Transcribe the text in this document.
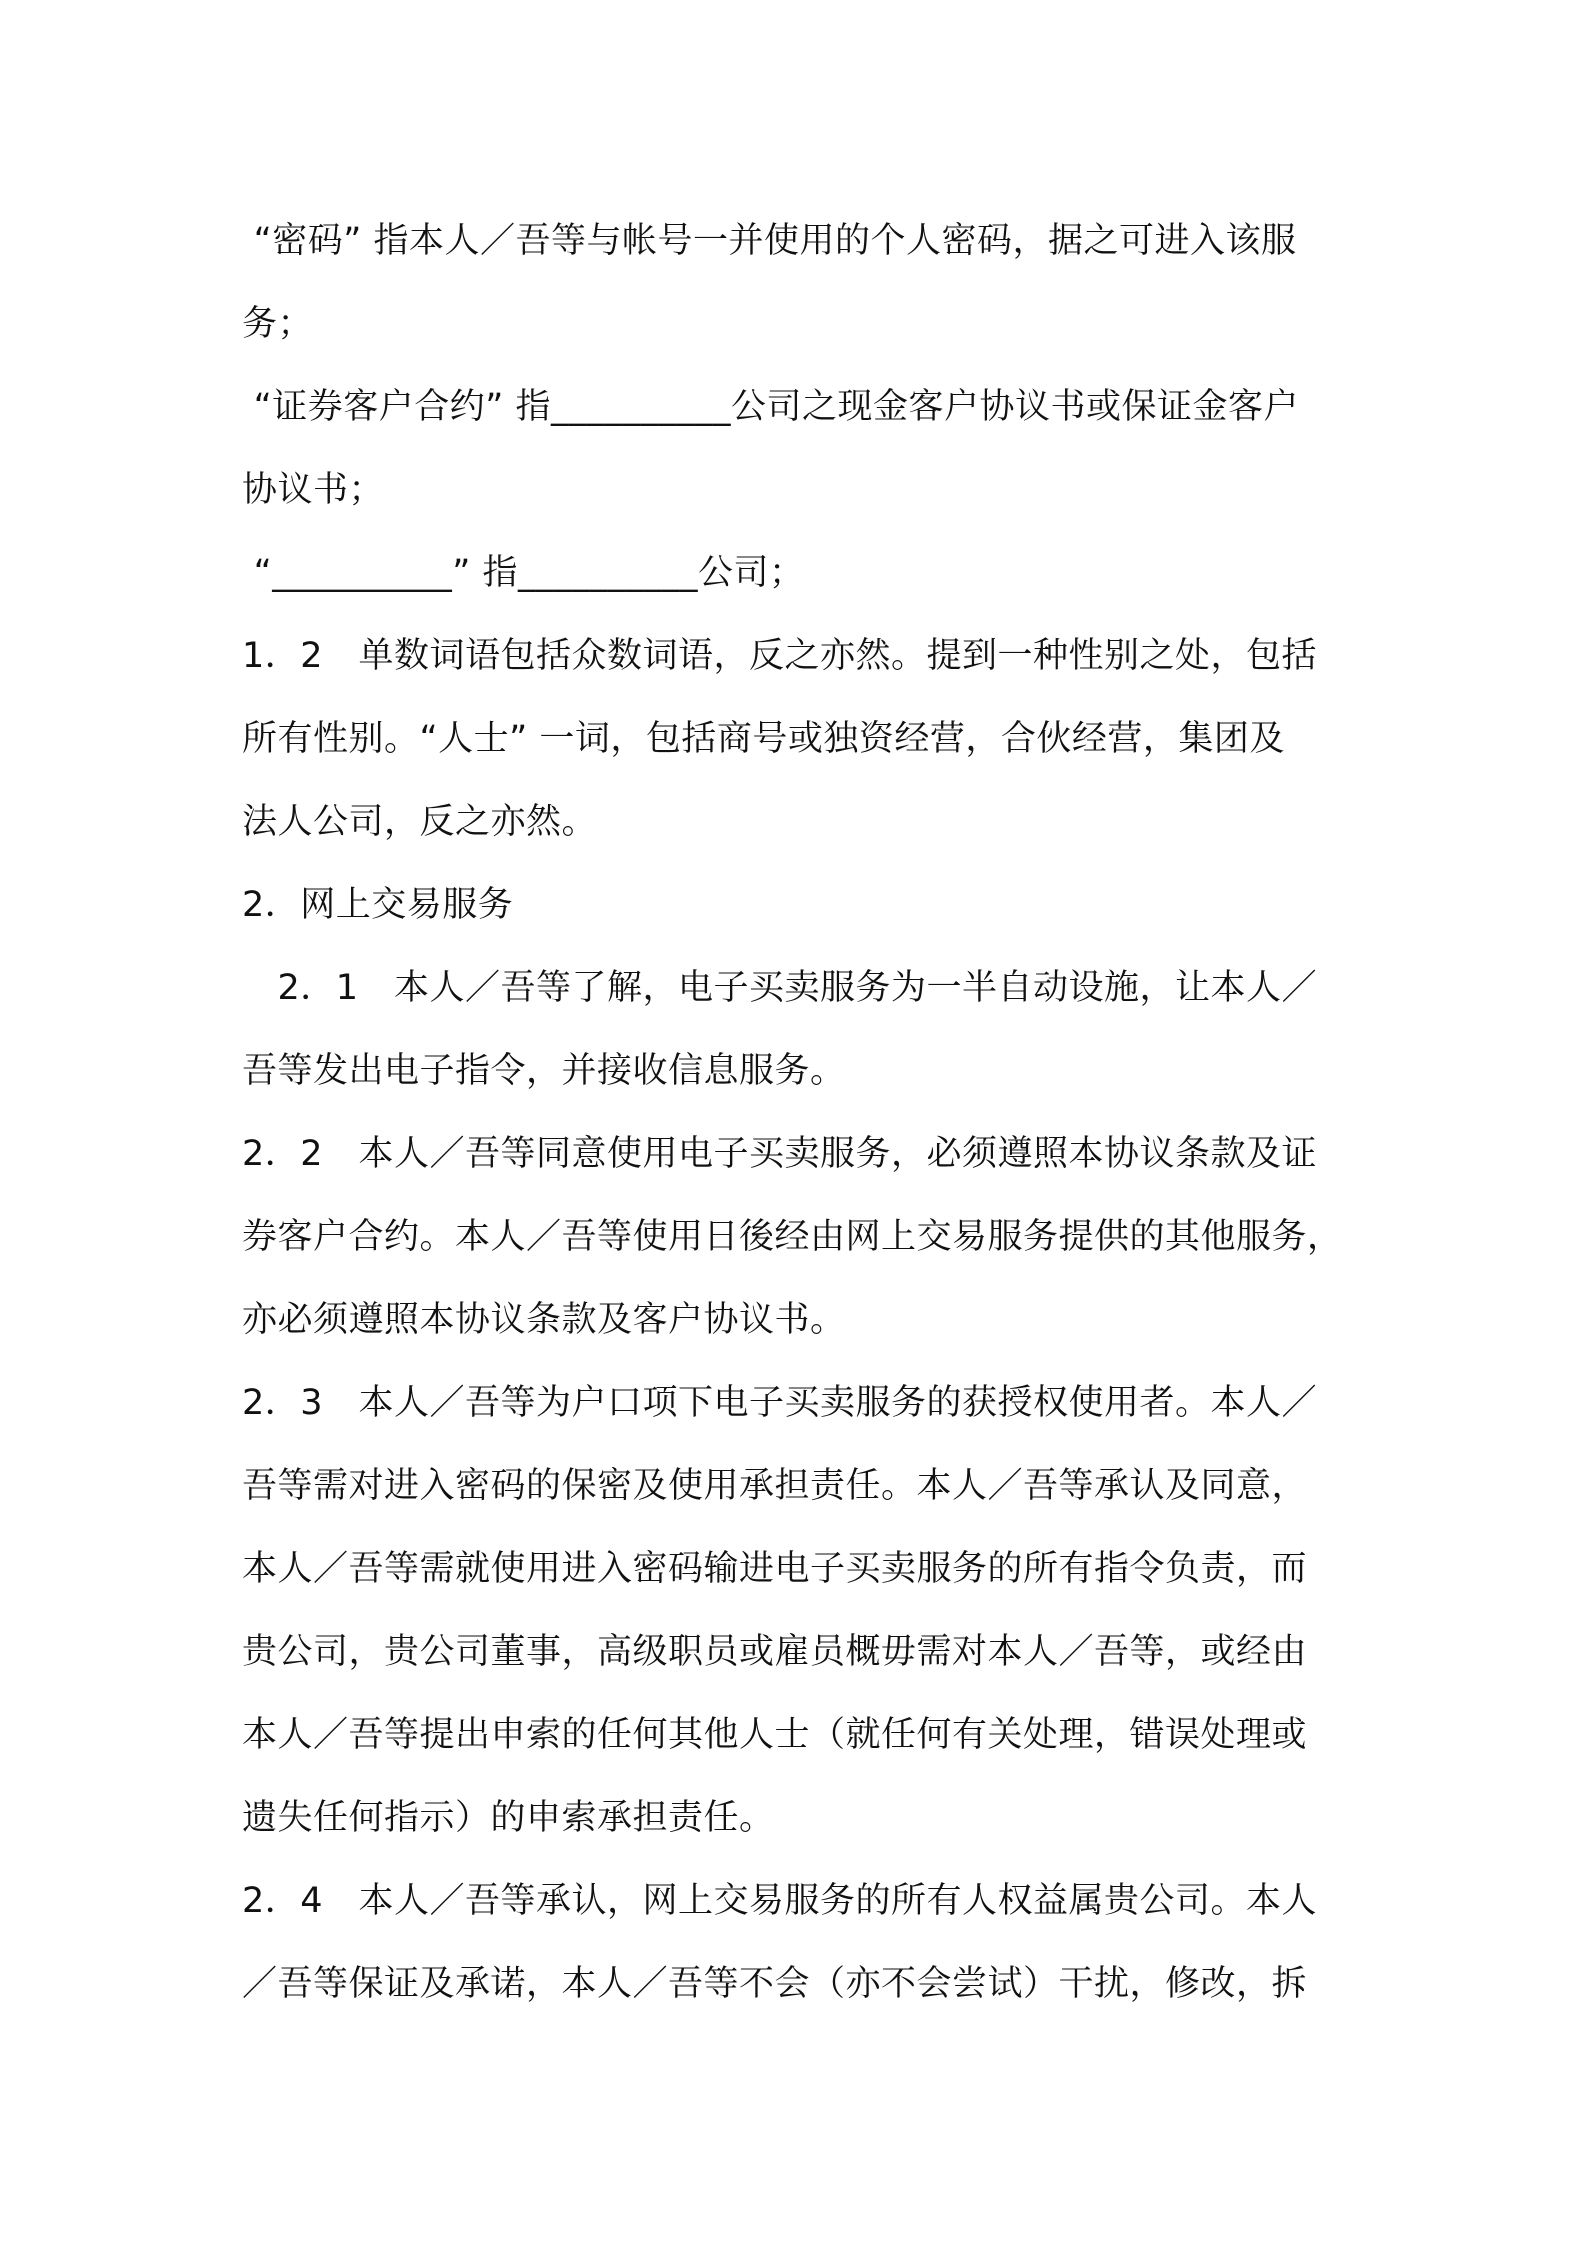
“密码” 指本人／吾等与帐号一并使用的个人密码，据之可进入该服
务；
“证券客户合约” 指__________公司之现金客户协议书或保证金客户
协议书；
“__________” 指__________公司；
1．2　单数词语包括众数词语，反之亦然。提到一种性别之处，包括
所有性别。“人士” 一词，包括商号或独资经营，合伙经营，集团及
法人公司，反之亦然。
2．网上交易服务
　2．1　本人／吾等了解，电子买卖服务为一半自动设施，让本人／
吾等发出电子指令，并接收信息服务。
2．2　本人／吾等同意使用电子买卖服务，必须遵照本协议条款及证
券客户合约。本人／吾等使用日後经由网上交易服务提供的其他服务，
亦必须遵照本协议条款及客户协议书。
2．3　本人／吾等为户口项下电子买卖服务的获授权使用者。本人／
吾等需对进入密码的保密及使用承担责任。本人／吾等承认及同意，
本人／吾等需就使用进入密码输进电子买卖服务的所有指令负责，而
贵公司，贵公司董事，高级职员或雇员概毋需对本人／吾等，或经由
本人／吾等提出申索的任何其他人士（就任何有关处理，错误处理或
遗失任何指示）的申索承担责任。
2．4　本人／吾等承认，网上交易服务的所有人权益属贵公司。本人
／吾等保证及承诺，本人／吾等不会（亦不会尝试）干扰，修改，拆
